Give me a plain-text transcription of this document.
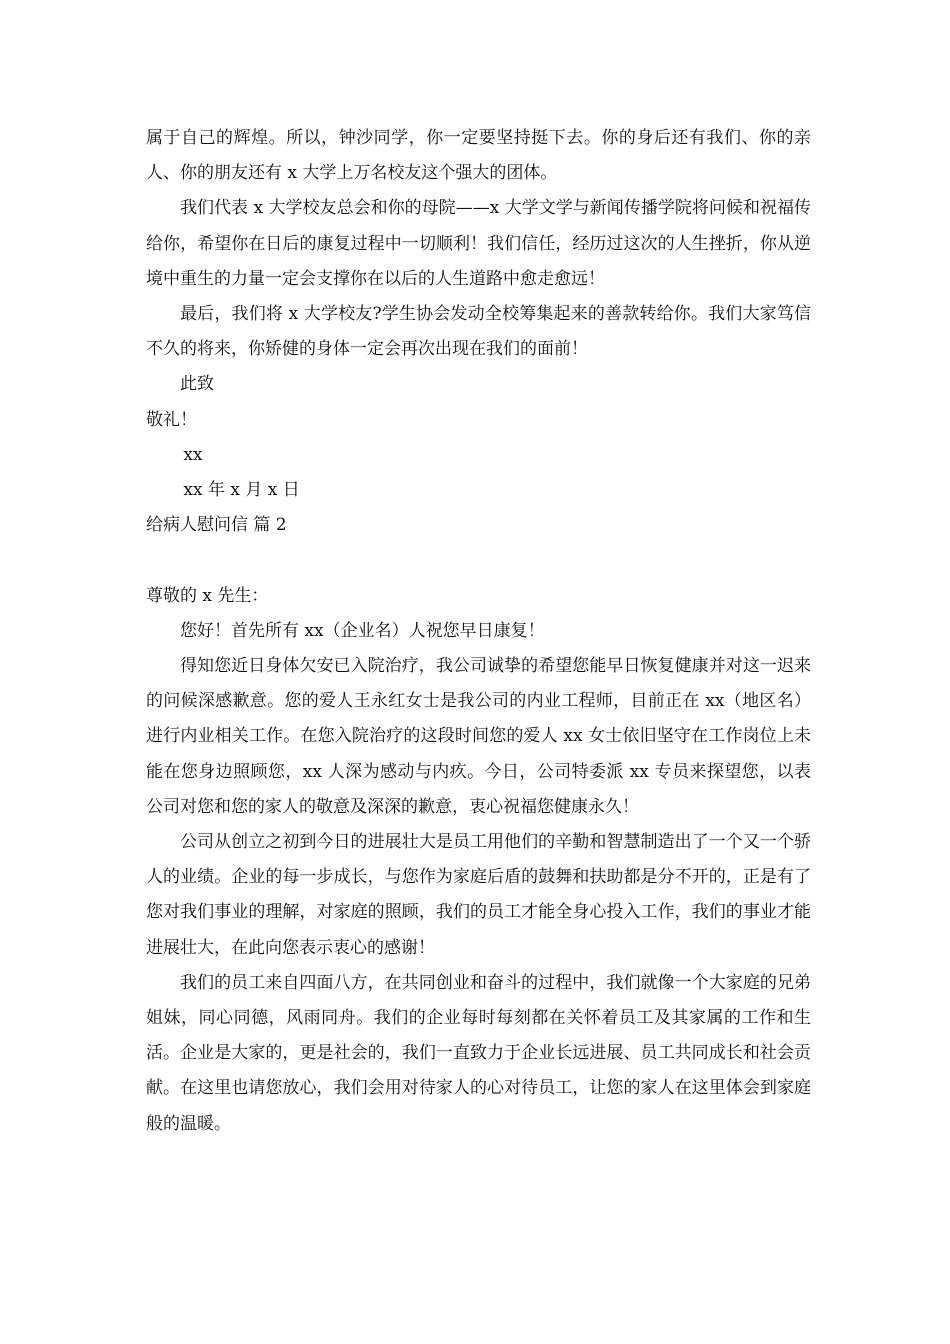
属于自己的辉煌。所以，钟沙同学，你一定要坚持挺下去。你的身后还有我们、你的亲人、你的朋友还有 x 大学上万名校友这个强大的团体。

我们代表 x 大学校友总会和你的母院——x 大学文学与新闻传播学院将问候和祝福传给你，希望你在日后的康复过程中一切顺利！我们信任，经历过这次的人生挫折，你从逆境中重生的力量一定会支撑你在以后的人生道路中愈走愈远！

最后，我们将 x 大学校友?学生协会发动全校筹集起来的善款转给你。我们大家笃信不久的将来，你矫健的身体一定会再次出现在我们的面前！

此致

敬礼！

xx

xx 年 x 月 x 日

给病人慰问信 篇 2

尊敬的 x 先生：

您好！首先所有 xx（企业名）人祝您早日康复！

得知您近日身体欠安已入院治疗，我公司诚挚的希望您能早日恢复健康并对这一迟来的问候深感歉意。您的爱人王永红女士是我公司的内业工程师，目前正在 xx（地区名）进行内业相关工作。在您入院治疗的这段时间您的爱人 xx 女士依旧坚守在工作岗位上未能在您身边照顾您，xx 人深为感动与内疚。今日，公司特委派 xx 专员来探望您，以表公司对您和您的家人的敬意及深深的歉意，衷心祝福您健康永久！

公司从创立之初到今日的进展壮大是员工用他们的辛勤和智慧制造出了一个又一个骄人的业绩。企业的每一步成长，与您作为家庭后盾的鼓舞和扶助都是分不开的，正是有了您对我们事业的理解，对家庭的照顾，我们的员工才能全身心投入工作，我们的事业才能进展壮大，在此向您表示衷心的感谢！

我们的员工来自四面八方，在共同创业和奋斗的过程中，我们就像一个大家庭的兄弟姐妹，同心同德，风雨同舟。我们的企业每时每刻都在关怀着员工及其家属的工作和生活。企业是大家的，更是社会的，我们一直致力于企业长远进展、员工共同成长和社会贡献。在这里也请您放心，我们会用对待家人的心对待员工，让您的家人在这里体会到家庭般的温暖。
